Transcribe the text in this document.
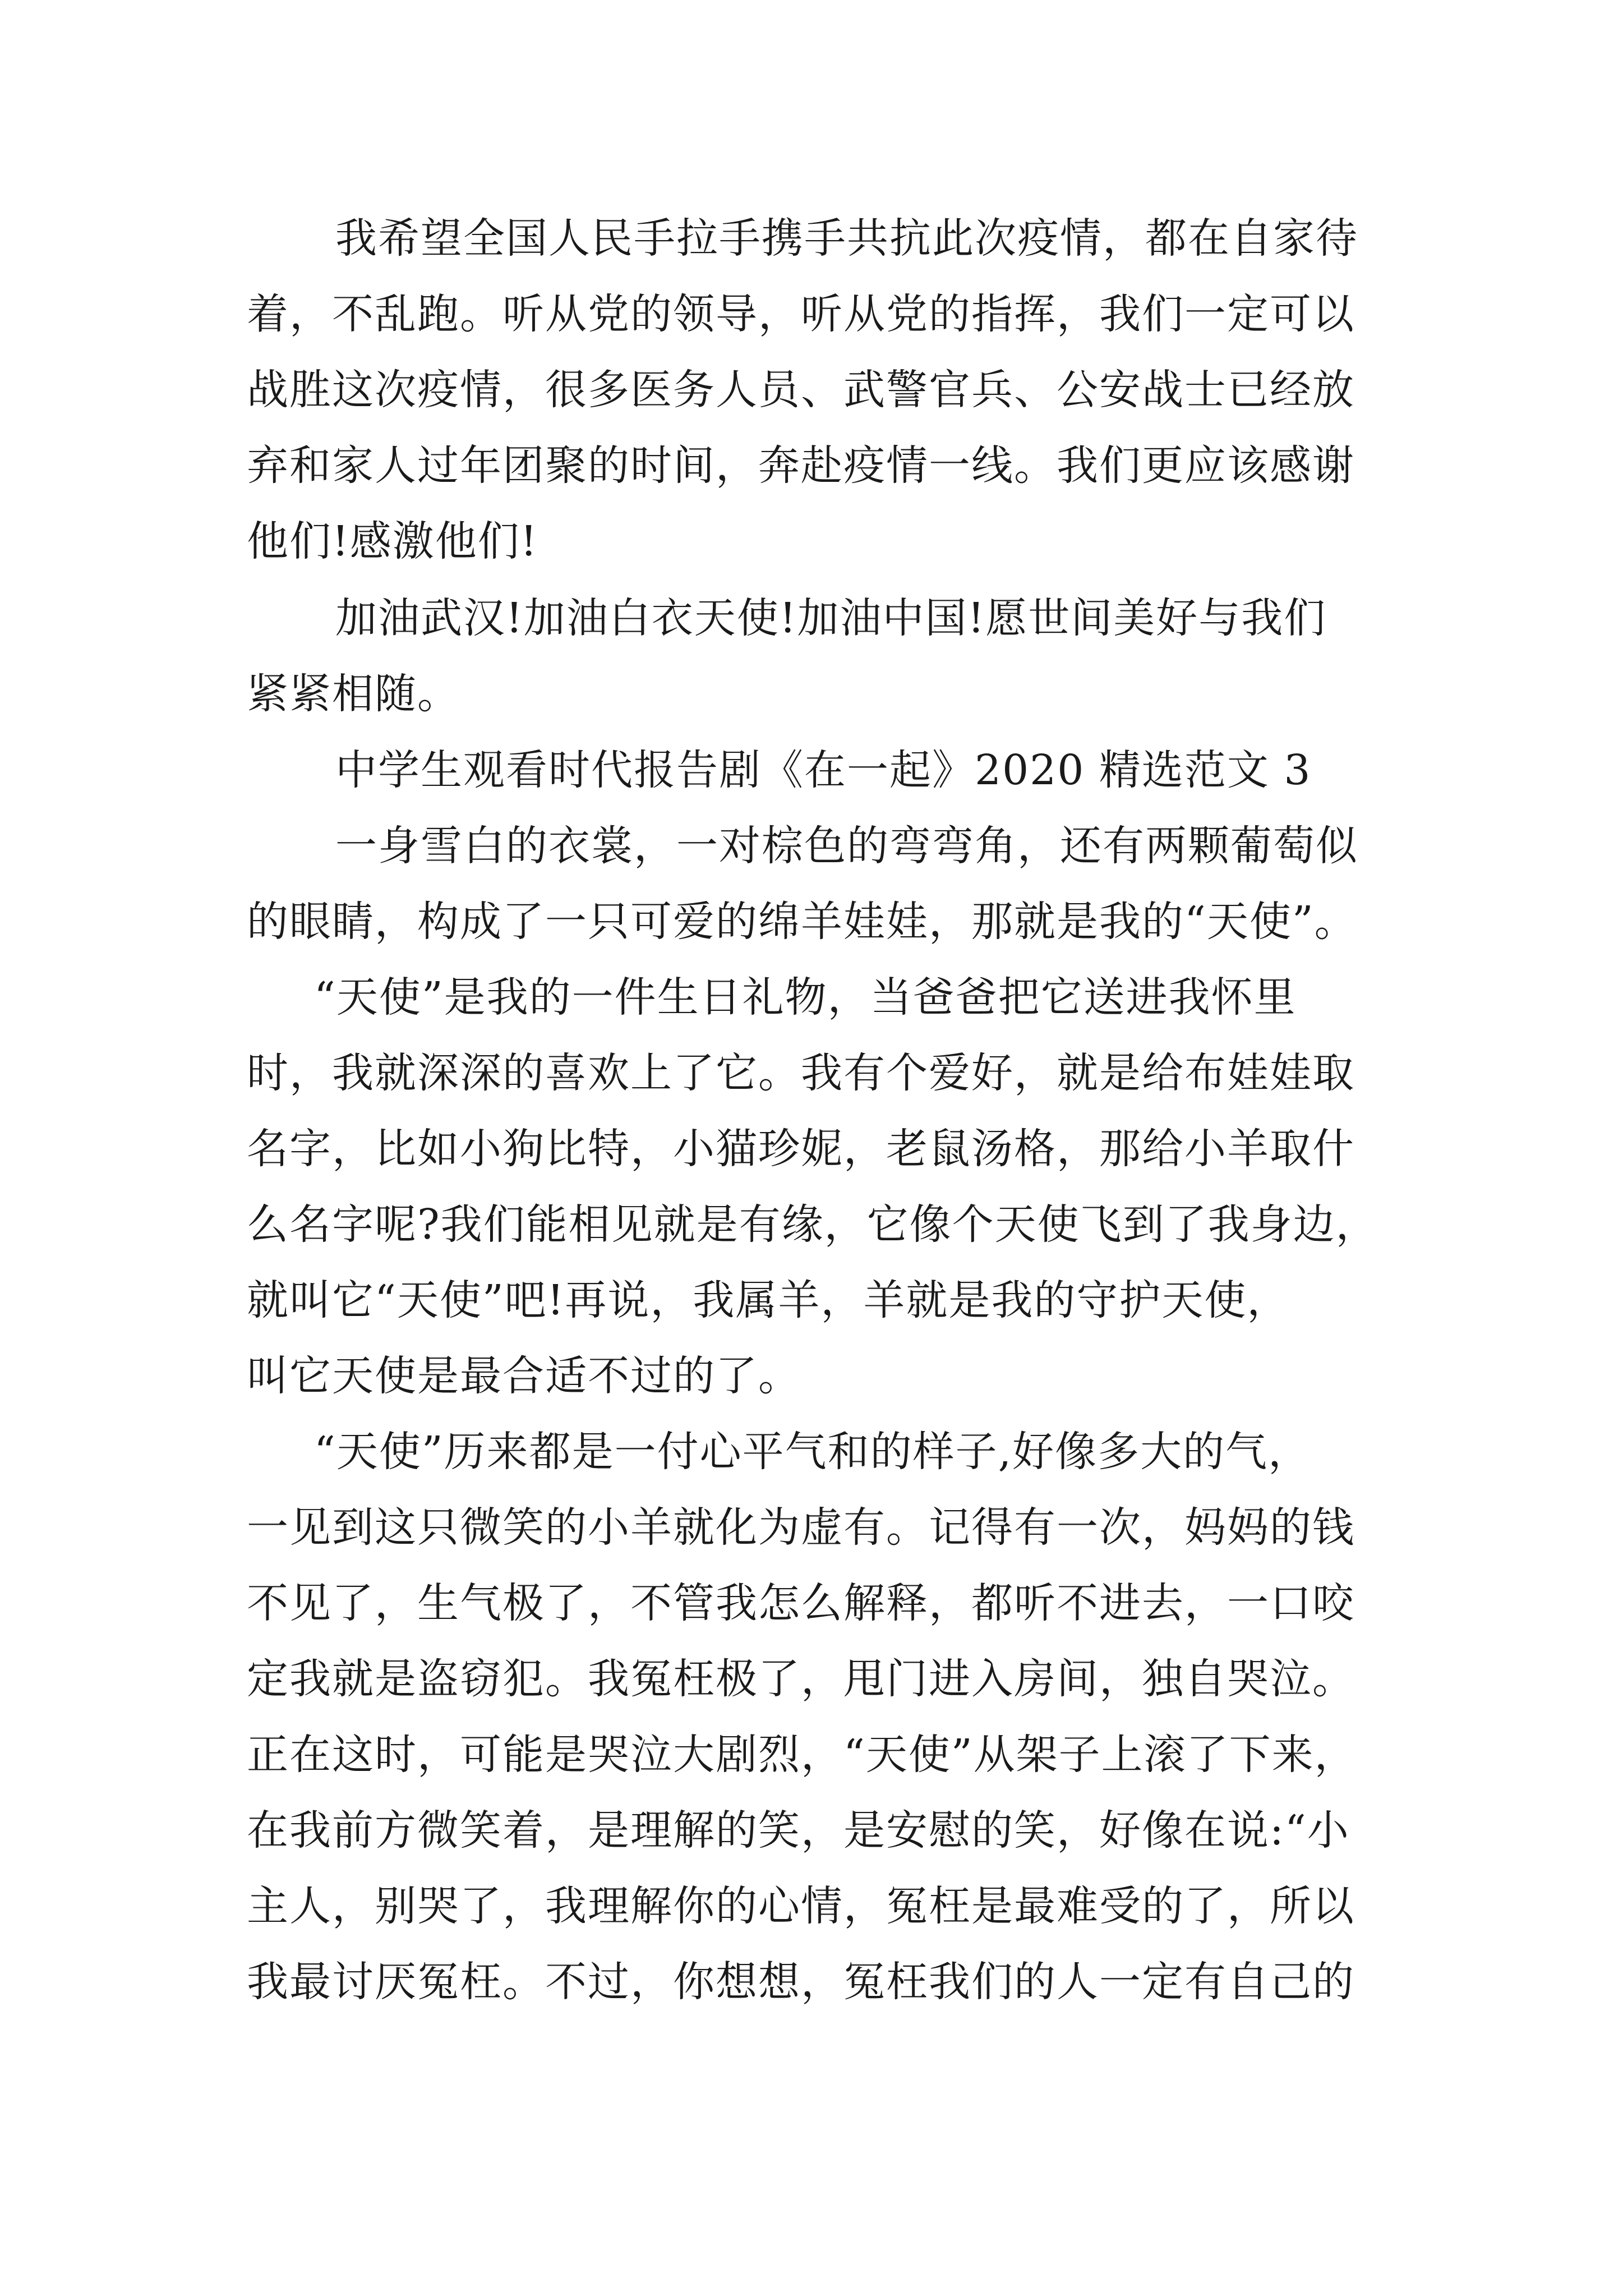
我希望全国人民手拉手携手共抗此次疫情，都在自家待
着，不乱跑。听从党的领导，听从党的指挥，我们一定可以
战胜这次疫情，很多医务人员、武警官兵、公安战士已经放
弃和家人过年团聚的时间，奔赴疫情一线。我们更应该感谢
他们!感激他们!
加油武汉!加油白衣天使!加油中国!愿世间美好与我们
紧紧相随。
中学生观看时代报告剧《在一起》2020 精选范文 3
一身雪白的衣裳，一对棕色的弯弯角，还有两颗葡萄似
的眼睛，构成了一只可爱的绵羊娃娃，那就是我的“天使”。
“天使”是我的一件生日礼物，当爸爸把它送进我怀里
时，我就深深的喜欢上了它。我有个爱好，就是给布娃娃取
名字，比如小狗比特，小猫珍妮，老鼠汤格，那给小羊取什
么名字呢?我们能相见就是有缘，它像个天使飞到了我身边，
就叫它“天使”吧!再说，我属羊，羊就是我的守护天使，
叫它天使是最合适不过的了。
“天使”历来都是一付心平气和的样子,好像多大的气，
一见到这只微笑的小羊就化为虚有。记得有一次，妈妈的钱
不见了，生气极了，不管我怎么解释，都听不进去，一口咬
定我就是盗窃犯。我冤枉极了，甩门进入房间，独自哭泣。
正在这时，可能是哭泣大剧烈，“天使”从架子上滚了下来，
在我前方微笑着，是理解的笑，是安慰的笑，好像在说:“小
主人，别哭了，我理解你的心情，冤枉是最难受的了，所以
我最讨厌冤枉。不过，你想想，冤枉我们的人一定有自己的
